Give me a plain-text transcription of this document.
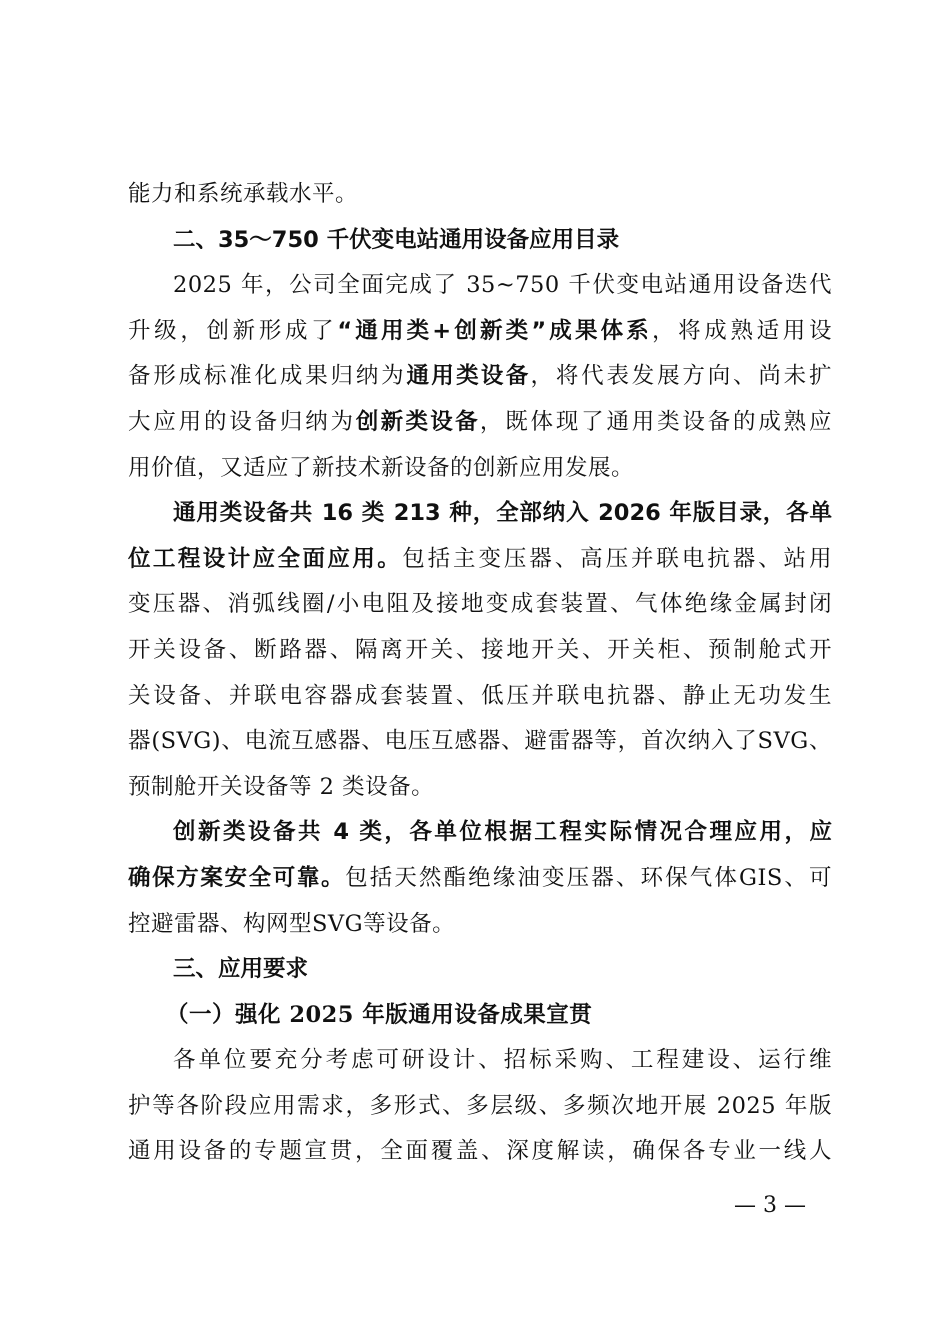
能力和系统承载水平。
二、35～750 千伏变电站通用设备应用目录
2025 年，公司全面完成了 35~750 千伏变电站通用设备迭代
升级，创新形成了“通用类+创新类”成果体系，将成熟适用设
备形成标准化成果归纳为通用类设备，将代表发展方向、尚未扩
大应用的设备归纳为创新类设备，既体现了通用类设备的成熟应
用价值，又适应了新技术新设备的创新应用发展。
通用类设备共 16 类 213 种，全部纳入 2026 年版目录，各单
位工程设计应全面应用。包括主变压器、高压并联电抗器、站用
变压器、消弧线圈/小电阻及接地变成套装置、气体绝缘金属封闭
开关设备、断路器、隔离开关、接地开关、开关柜、预制舱式开
关设备、并联电容器成套装置、低压并联电抗器、静止无功发生
器(SVG)、电流互感器、电压互感器、避雷器等，首次纳入了SVG、
预制舱开关设备等 2 类设备。
创新类设备共 4 类，各单位根据工程实际情况合理应用，应
确保方案安全可靠。包括天然酯绝缘油变压器、环保气体GIS、可
控避雷器、构网型SVG等设备。
三、应用要求
（一）强化 2025 年版通用设备成果宣贯
各单位要充分考虑可研设计、招标采购、工程建设、运行维
护等各阶段应用需求，多形式、多层级、多频次地开展 2025 年版
通用设备的专题宣贯，全面覆盖、深度解读，确保各专业一线人
— 3 —
